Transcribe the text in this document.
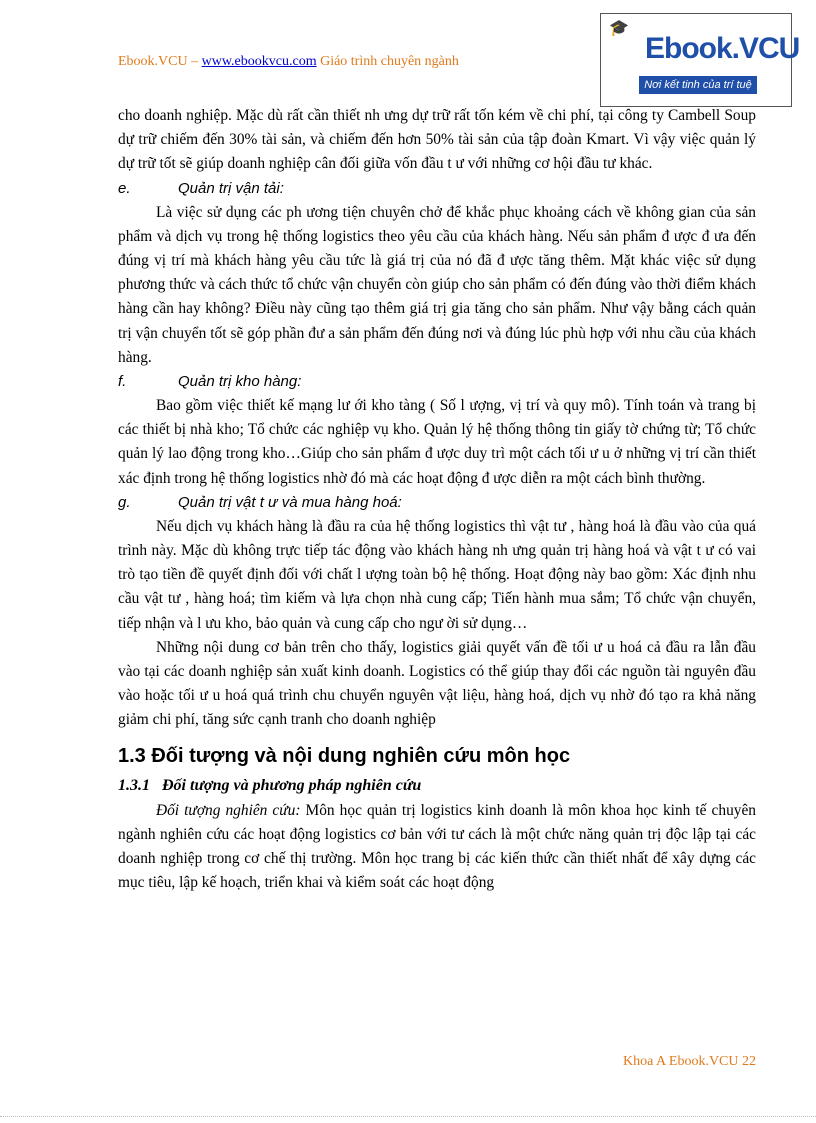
Ebook.VCU – www.ebookvcu.com Giáo trình chuyên ngành
🎓
Ebook.VCU
Nơi kết tinh của trí tuệ

cho doanh nghiệp. Mặc dù rất cần thiết nh ưng dự trữ rất tốn kém về chi phí, tại công ty Cambell Soup dự trữ chiếm đến 30% tài sản, và chiếm đến hơn 50% tài sản của tập đoàn Kmart. Vì vậy việc quản lý dự trữ tốt sẽ giúp doanh nghiệp cân đối giữa vốn đầu t ư với những cơ hội đầu tư khác.

e.	Quản trị vận tải:

Là việc sử dụng các ph ương tiện chuyên chở để khắc phục khoảng cách về không gian của sản phẩm và dịch vụ trong hệ thống logistics theo yêu cầu của khách hàng. Nếu sản phẩm đ ược đ ưa đến đúng vị trí mà khách hàng yêu cầu tức là giá trị của nó đã đ ược tăng thêm. Mặt khác việc sử dụng phương thức và cách thức tổ chức vận chuyển còn giúp cho sản phẩm có đến đúng vào thời điểm khách hàng cần hay không? Điều này cũng tạo thêm giá trị gia tăng cho sản phẩm. Như vậy bằng cách quản trị vận chuyển tốt sẽ góp phần đư a sản phẩm đến đúng nơi và đúng lúc phù hợp với nhu cầu của khách hàng.

f.	Quản trị kho hàng:

Bao gồm việc thiết kế mạng lư ới kho tàng ( Số l ượng, vị trí và quy mô). Tính toán và trang bị các thiết bị nhà kho; Tổ chức các nghiệp vụ kho. Quản lý hệ thống thông tin giấy tờ chứng từ; Tổ chức quản lý lao động trong kho…Giúp cho sản phẩm đ ược duy trì một cách tối ư u ở những vị trí cần thiết xác định trong hệ thống logistics nhờ đó mà các hoạt động đ ược diễn ra một cách bình thường.

g.	Quản trị vật t ư và mua hàng hoá:

Nếu dịch vụ khách hàng là đầu ra của hệ thống logistics thì vật tư , hàng hoá là đầu vào của quá trình này. Mặc dù không trực tiếp tác động vào khách hàng nh ưng quản trị hàng hoá và vật t ư có vai trò tạo tiền đề quyết định đối với chất l ượng toàn bộ hệ thống. Hoạt động này bao gồm: Xác định nhu cầu vật tư , hàng hoá; tìm kiếm và lựa chọn nhà cung cấp; Tiến hành mua sắm; Tổ chức vận chuyển, tiếp nhận và l ưu kho, bảo quản và cung cấp cho ngư ời sử dụng…

Những nội dung cơ bản trên cho thấy, logistics giải quyết vấn đề tối ư u hoá cả đầu ra lẫn đầu vào tại các doanh nghiệp sản xuất kinh doanh. Logistics có thể giúp thay đổi các nguồn tài nguyên đầu vào hoặc tối ư u hoá quá trình chu chuyển nguyên vật liệu, hàng hoá, dịch vụ nhờ đó tạo ra khả năng giảm chi phí, tăng sức cạnh tranh cho doanh nghiệp

1.3 Đối tượng và nội dung nghiên cứu môn học
1.3.1 Đối tượng và phương pháp nghiên cứu

Đối tượng nghiên cứu: Môn học quản trị logistics kinh doanh là môn khoa học kinh tế chuyên ngành nghiên cứu các hoạt động logistics cơ bản với tư cách là một chức năng quản trị độc lập tại các doanh nghiệp trong cơ chế thị trường. Môn học trang bị các kiến thức cần thiết nhất để xây dựng các mục tiêu, lập kế hoạch, triển khai và kiểm soát các hoạt động

Khoa A Ebook.VCU 22
